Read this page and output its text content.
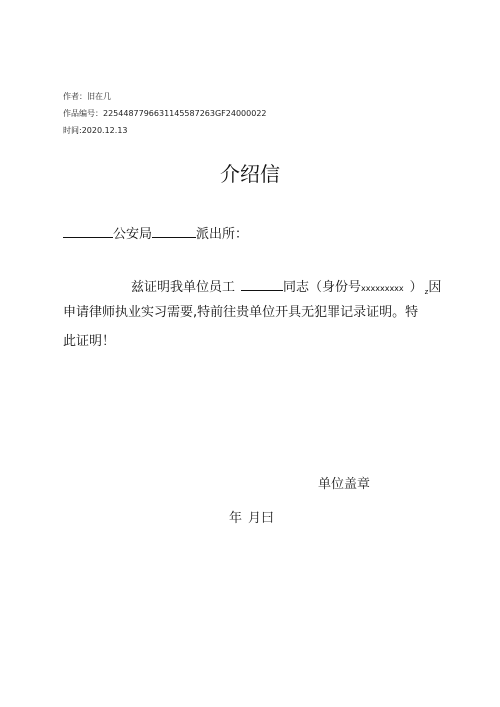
作者：旧在几
作品编号：2254487796631145587263GF24000022
时间:2020.12.13
介绍信
公安局	派出所：
兹证明我单位员工	同志（身份号xxxxxxxxx ） $_z$因
申请律师执业实习需要,特前往贵单位开具无犯罪记录证明。特
此证明！
单位盖章
年 月曰
